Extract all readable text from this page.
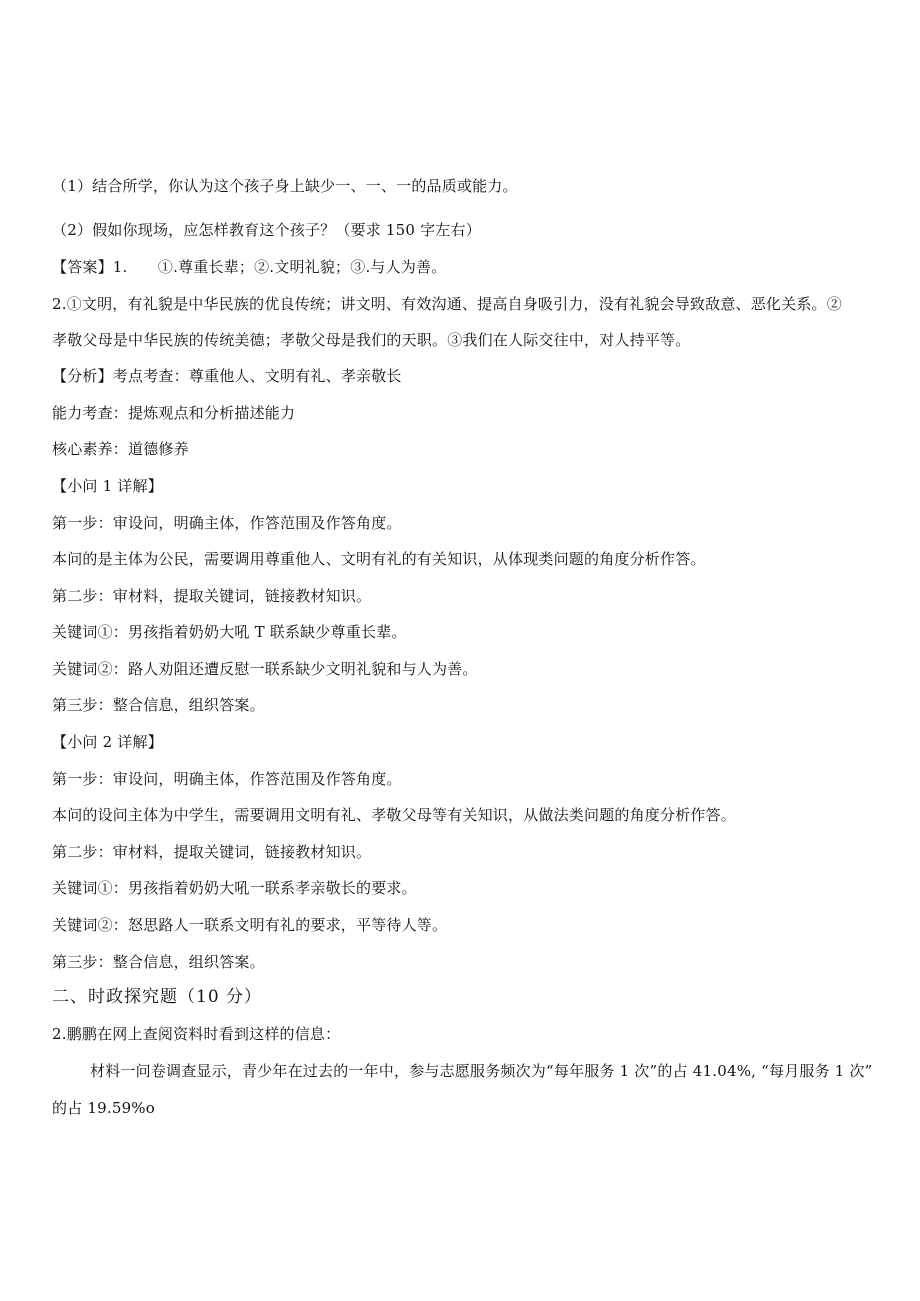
（1）结合所学，你认为这个孩子身上缺少一、一、一的品质或能力。
（2）假如你现场，应怎样教育这个孩子？（要求 150 字左右）
【答案】1.　　①.尊重长辈；②.文明礼貌；③.与人为善。
2.①文明，有礼貌是中华民族的优良传统；讲文明、有效沟通、提高自身吸引力，没有礼貌会导致敌意、恶化关系。②
孝敬父母是中华民族的传统美德；孝敬父母是我们的天职。③我们在人际交往中，对人持平等。
【分析】考点考查：尊重他人、文明有礼、孝亲敬长
能力考查：提炼观点和分析描述能力
核心素养：道德修养
【小问 1 详解】
第一步：审设问，明确主体，作答范围及作答角度。
本问的是主体为公民，需要调用尊重他人、文明有礼的有关知识，从体现类问题的角度分析作答。
第二步：审材料，提取关键词，链接教材知识。
关键词①：男孩指着奶奶大吼 T 联系缺少尊重长辈。
关键词②：路人劝阻还遭反慰一联系缺少文明礼貌和与人为善。
第三步：整合信息，组织答案。
【小问 2 详解】
第一步：审设问，明确主体，作答范围及作答角度。
本问的设问主体为中学生，需要调用文明有礼、孝敬父母等有关知识，从做法类问题的角度分析作答。
第二步：审材料，提取关键词，链接教材知识。
关键词①：男孩指着奶奶大吼一联系孝亲敬长的要求。
关键词②：怒思路人一联系文明有礼的要求，平等待人等。
第三步：整合信息，组织答案。
二、时政探究题（10 分）
2.鹏鹏在网上查阅资料时看到这样的信息：
材料一问卷调查显示，青少年在过去的一年中，参与志愿服务频次为“每年服务 1 次”的占 41.04%, “每月服务 1 次”
的占 19.59%o
